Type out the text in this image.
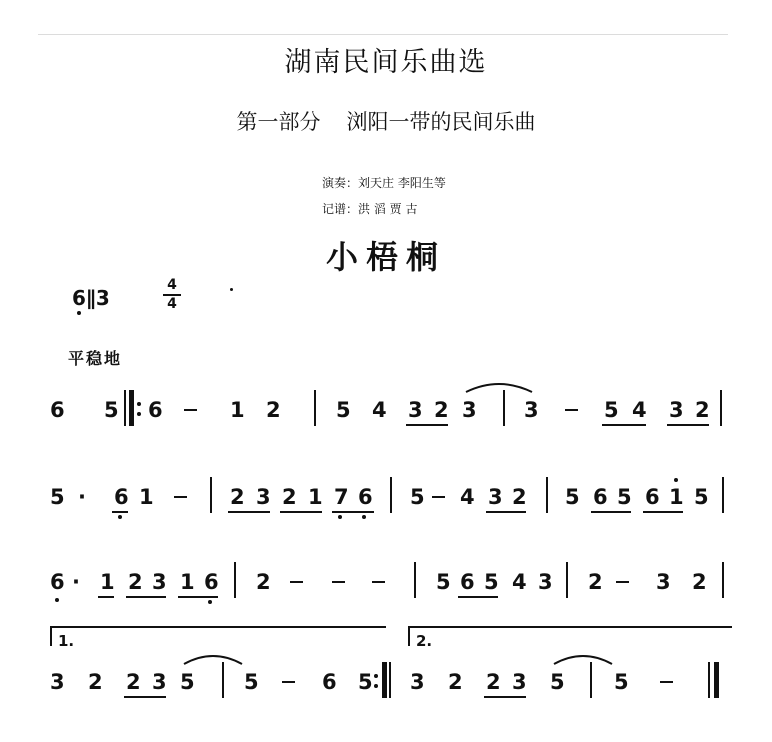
湖南民间乐曲选
第一部分 浏阳一带的民间乐曲
演奏：刘天庄 李阳生等
记谱：洪 滔 贾 古
小梧桐
6∥3
4
4
平稳地
6 5 6	1 2	5 4 3 2 3 3	5 4 3 2
5 · 6 1	2 3 2 1 7 6 5 4 3 2 5 6 5 6 1 5
6 · 1 2 3 1 6 2	5 6 5 4 3 2	3 2
1.	2.
3 2 2 3 5 5	6 5 3 2 2 3 5 5
